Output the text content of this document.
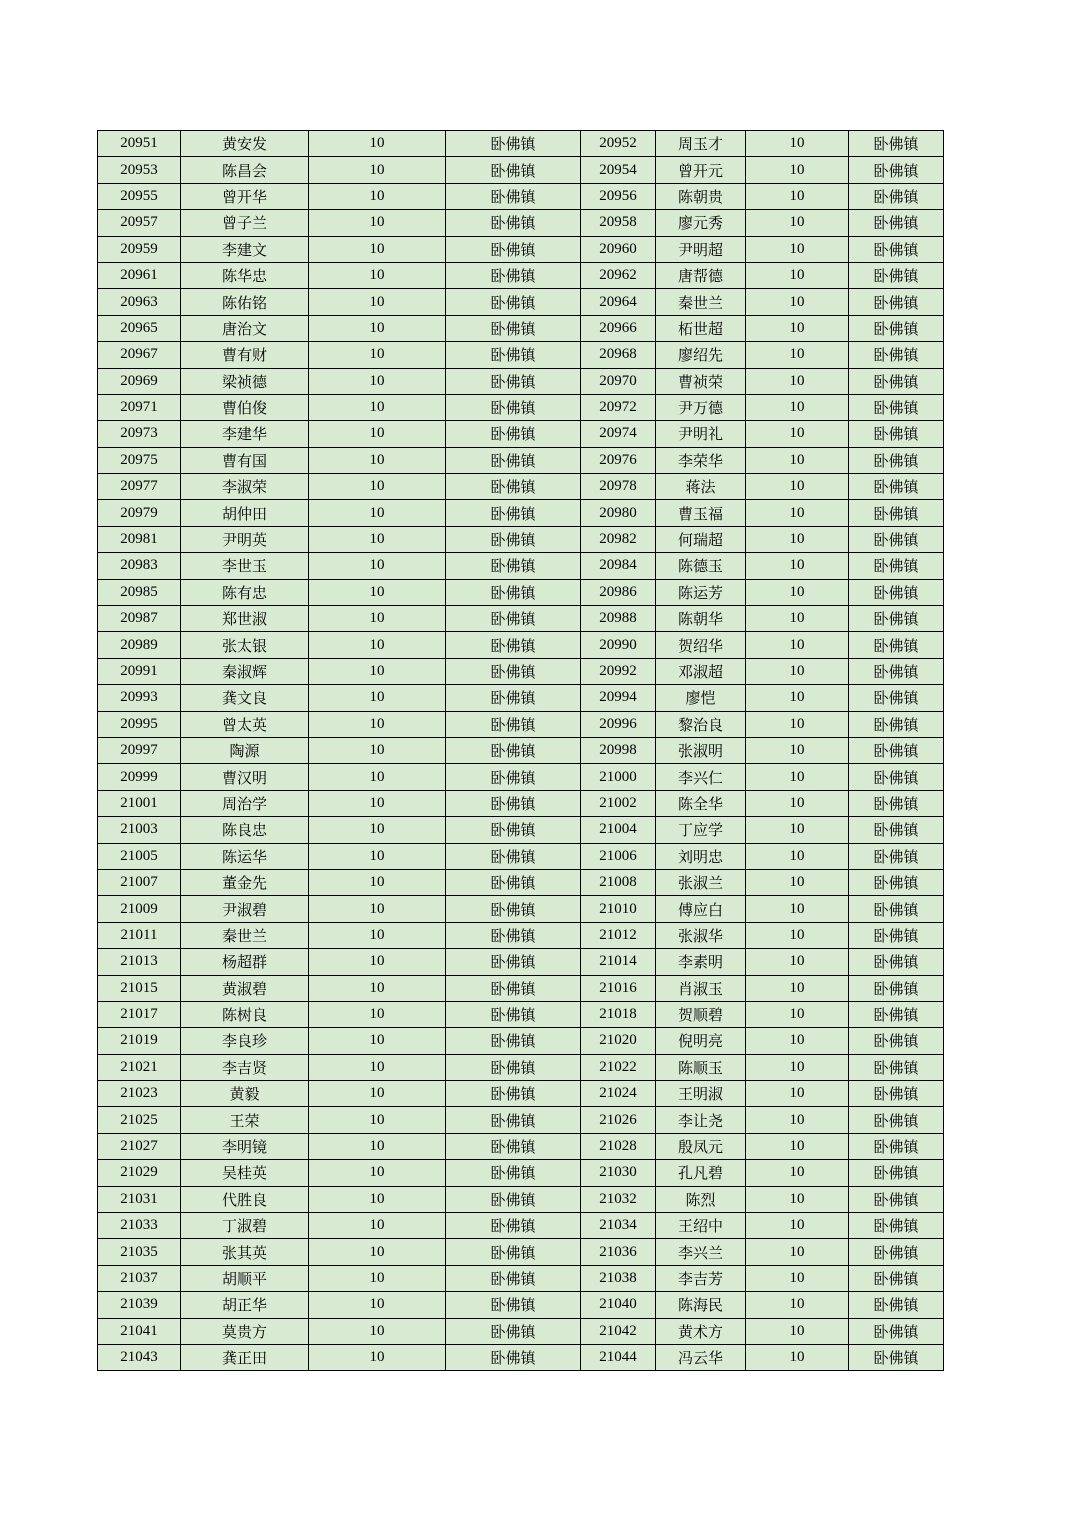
20951	黄安发	10	卧佛镇	20952	周玉才	10	卧佛镇
20953	陈昌会	10	卧佛镇	20954	曾开元	10	卧佛镇
20955	曾开华	10	卧佛镇	20956	陈朝贵	10	卧佛镇
20957	曾子兰	10	卧佛镇	20958	廖元秀	10	卧佛镇
20959	李建文	10	卧佛镇	20960	尹明超	10	卧佛镇
20961	陈华忠	10	卧佛镇	20962	唐帮德	10	卧佛镇
20963	陈佑铭	10	卧佛镇	20964	秦世兰	10	卧佛镇
20965	唐治文	10	卧佛镇	20966	柘世超	10	卧佛镇
20967	曹有财	10	卧佛镇	20968	廖绍先	10	卧佛镇
20969	梁祯德	10	卧佛镇	20970	曹祯荣	10	卧佛镇
20971	曹伯俊	10	卧佛镇	20972	尹万德	10	卧佛镇
20973	李建华	10	卧佛镇	20974	尹明礼	10	卧佛镇
20975	曹有国	10	卧佛镇	20976	李荣华	10	卧佛镇
20977	李淑荣	10	卧佛镇	20978	蒋法	10	卧佛镇
20979	胡仲田	10	卧佛镇	20980	曹玉福	10	卧佛镇
20981	尹明英	10	卧佛镇	20982	何瑞超	10	卧佛镇
20983	李世玉	10	卧佛镇	20984	陈德玉	10	卧佛镇
20985	陈有忠	10	卧佛镇	20986	陈运芳	10	卧佛镇
20987	郑世淑	10	卧佛镇	20988	陈朝华	10	卧佛镇
20989	张太银	10	卧佛镇	20990	贺绍华	10	卧佛镇
20991	秦淑辉	10	卧佛镇	20992	邓淑超	10	卧佛镇
20993	龚文良	10	卧佛镇	20994	廖恺	10	卧佛镇
20995	曾太英	10	卧佛镇	20996	黎治良	10	卧佛镇
20997	陶源	10	卧佛镇	20998	张淑明	10	卧佛镇
20999	曹汉明	10	卧佛镇	21000	李兴仁	10	卧佛镇
21001	周治学	10	卧佛镇	21002	陈全华	10	卧佛镇
21003	陈良忠	10	卧佛镇	21004	丁应学	10	卧佛镇
21005	陈运华	10	卧佛镇	21006	刘明忠	10	卧佛镇
21007	董金先	10	卧佛镇	21008	张淑兰	10	卧佛镇
21009	尹淑碧	10	卧佛镇	21010	傅应白	10	卧佛镇
21011	秦世兰	10	卧佛镇	21012	张淑华	10	卧佛镇
21013	杨超群	10	卧佛镇	21014	李素明	10	卧佛镇
21015	黄淑碧	10	卧佛镇	21016	肖淑玉	10	卧佛镇
21017	陈树良	10	卧佛镇	21018	贺顺碧	10	卧佛镇
21019	李良珍	10	卧佛镇	21020	倪明亮	10	卧佛镇
21021	李吉贤	10	卧佛镇	21022	陈顺玉	10	卧佛镇
21023	黄毅	10	卧佛镇	21024	王明淑	10	卧佛镇
21025	王荣	10	卧佛镇	21026	李让尧	10	卧佛镇
21027	李明镜	10	卧佛镇	21028	殷凤元	10	卧佛镇
21029	吴桂英	10	卧佛镇	21030	孔凡碧	10	卧佛镇
21031	代胜良	10	卧佛镇	21032	陈烈	10	卧佛镇
21033	丁淑碧	10	卧佛镇	21034	王绍中	10	卧佛镇
21035	张其英	10	卧佛镇	21036	李兴兰	10	卧佛镇
21037	胡顺平	10	卧佛镇	21038	李吉芳	10	卧佛镇
21039	胡正华	10	卧佛镇	21040	陈海民	10	卧佛镇
21041	莫贵方	10	卧佛镇	21042	黄术方	10	卧佛镇
21043	龚正田	10	卧佛镇	21044	冯云华	10	卧佛镇
